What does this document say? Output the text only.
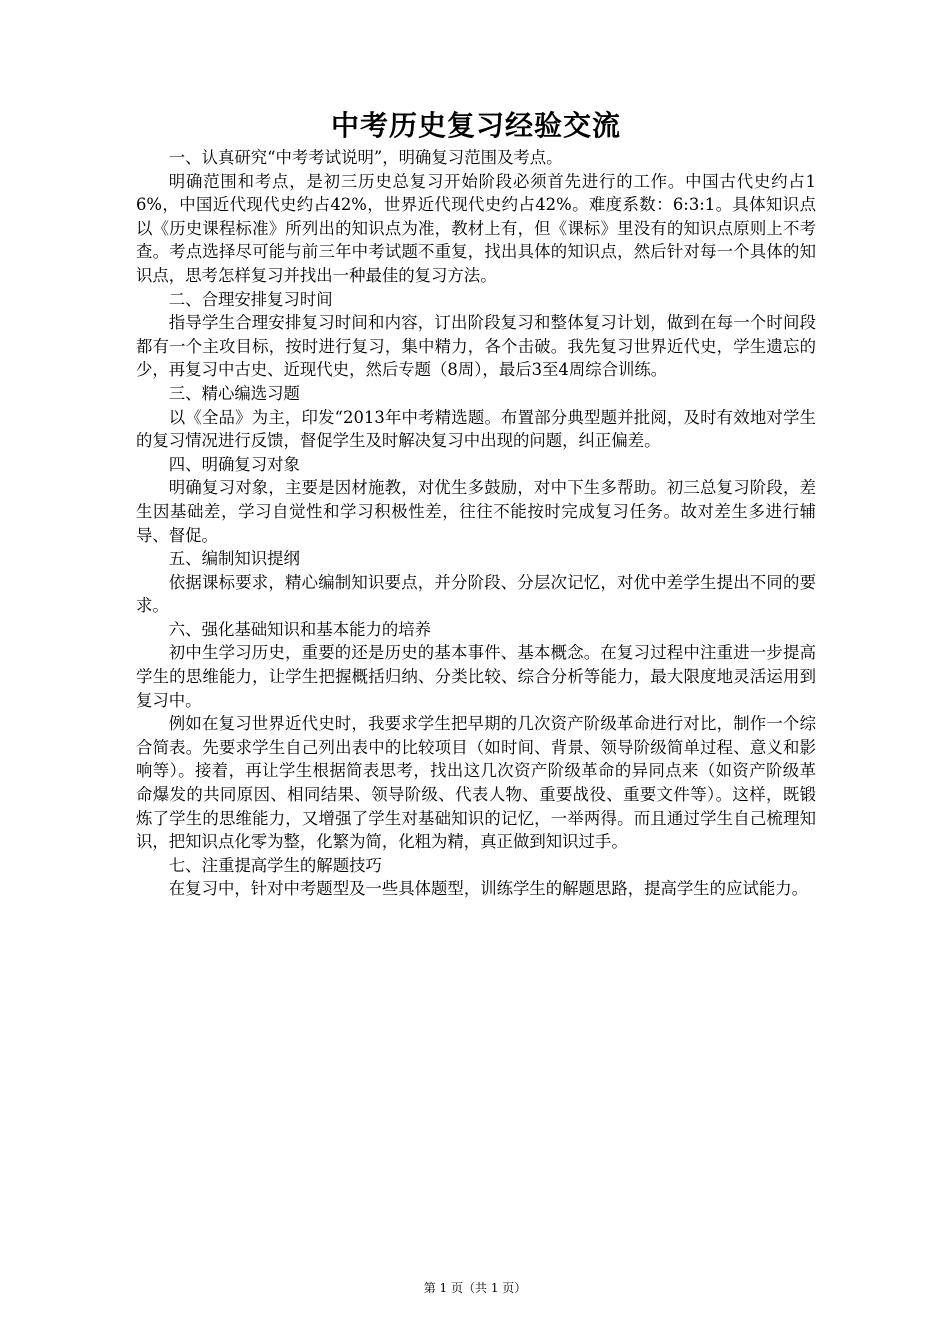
中考历史复习经验交流

一、认真研究“中考考试说明”，明确复习范围及考点。

明确范围和考点，是初三历史总复习开始阶段必须首先进行的工作。中国古代史约占16%，中国近代现代史约占42%，世界近代现代史约占42%。难度系数：6:3:1。具体知识点以《历史课程标准》所列出的知识点为准，教材上有，但《课标》里没有的知识点原则上不考查。考点选择尽可能与前三年中考试题不重复，找出具体的知识点，然后针对每一个具体的知识点，思考怎样复习并找出一种最佳的复习方法。

二、合理安排复习时间

指导学生合理安排复习时间和内容，订出阶段复习和整体复习计划，做到在每一个时间段都有一个主攻目标，按时进行复习，集中精力，各个击破。我先复习世界近代史，学生遗忘的少，再复习中古史、近现代史，然后专题（8周），最后3至4周综合训练。

三、精心编选习题

以《全品》为主，印发“2013年中考精选题。布置部分典型题并批阅，及时有效地对学生的复习情况进行反馈，督促学生及时解决复习中出现的问题，纠正偏差。

四、明确复习对象

明确复习对象，主要是因材施教，对优生多鼓励，对中下生多帮助。初三总复习阶段，差生因基础差，学习自觉性和学习积极性差，往往不能按时完成复习任务。故对差生多进行辅导、督促。

五、编制知识提纲

依据课标要求，精心编制知识要点，并分阶段、分层次记忆，对优中差学生提出不同的要求。

六、强化基础知识和基本能力的培养

初中生学习历史，重要的还是历史的基本事件、基本概念。在复习过程中注重进一步提高学生的思维能力，让学生把握概括归纳、分类比较、综合分析等能力，最大限度地灵活运用到复习中。

例如在复习世界近代史时，我要求学生把早期的几次资产阶级革命进行对比，制作一个综合简表。先要求学生自己列出表中的比较项目（如时间、背景、领导阶级简单过程、意义和影响等）。接着，再让学生根据简表思考，找出这几次资产阶级革命的异同点来（如资产阶级革命爆发的共同原因、相同结果、领导阶级、代表人物、重要战役、重要文件等）。这样，既锻炼了学生的思维能力，又增强了学生对基础知识的记忆，一举两得。而且通过学生自己梳理知识，把知识点化零为整，化繁为简，化粗为精，真正做到知识过手。

七、注重提高学生的解题技巧

在复习中，针对中考题型及一些具体题型，训练学生的解题思路，提高学生的应试能力。

第 1 页（共 1 页）
